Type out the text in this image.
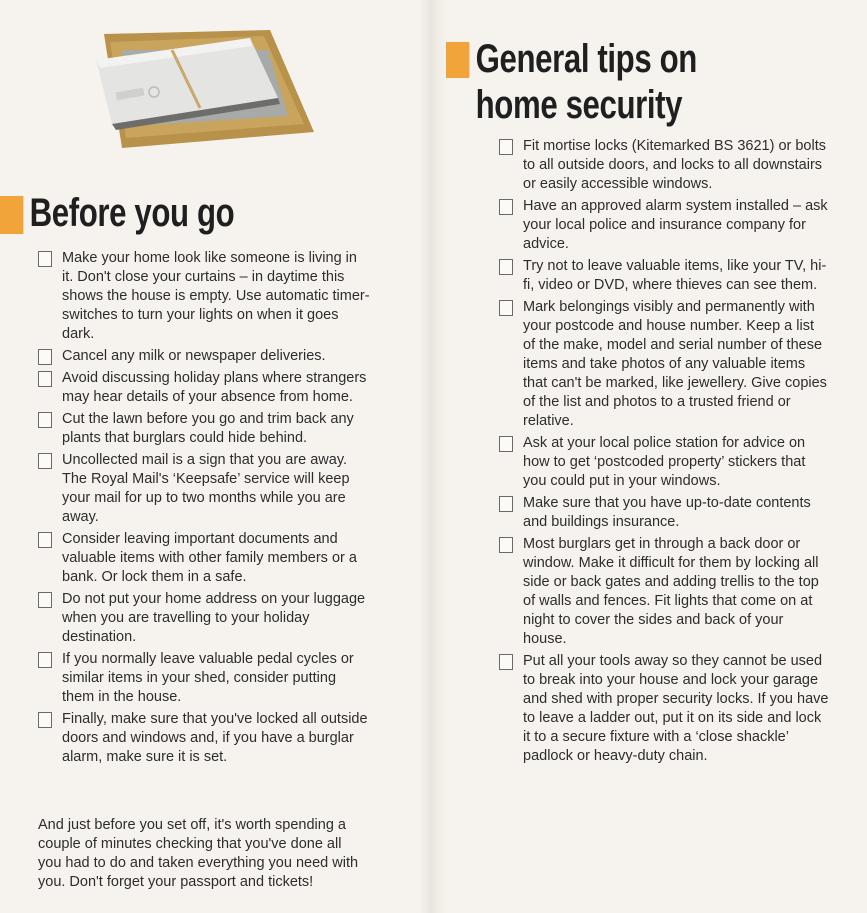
Before you go
Make your home look like someone is living in it. Don't close your curtains – in daytime this shows the house is empty. Use automatic timer-switches to turn your lights on when it goes dark.
Cancel any milk or newspaper deliveries.
Avoid discussing holiday plans where strangers may hear details of your absence from home.
Cut the lawn before you go and trim back any plants that burglars could hide behind.
Uncollected mail is a sign that you are away. The Royal Mail's ‘Keepsafe’ service will keep your mail for up to two months while you are away.
Consider leaving important documents and valuable items with other family members or a bank. Or lock them in a safe.
Do not put your home address on your luggage when you are travelling to your holiday destination.
If you normally leave valuable pedal cycles or similar items in your shed, consider putting them in the house.
Finally, make sure that you've locked all outside doors and windows and, if you have a burglar alarm, make sure it is set.

And just before you set off, it's worth spending a couple of minutes checking that you've done all you had to do and taken everything you need with you. Don't forget your passport and tickets!

General tips on
home security
Fit mortise locks (Kitemarked BS 3621) or bolts to all outside doors, and locks to all downstairs or easily accessible windows.
Have an approved alarm system installed – ask your local police and insurance company for advice.
Try not to leave valuable items, like your TV, hi-fi, video or DVD, where thieves can see them.
Mark belongings visibly and permanently with your postcode and house number. Keep a list of the make, model and serial number of these items and take photos of any valuable items that can't be marked, like jewellery. Give copies of the list and photos to a trusted friend or relative.
Ask at your local police station for advice on how to get ‘postcoded property’ stickers that you could put in your windows.
Make sure that you have up-to-date contents and buildings insurance.
Most burglars get in through a back door or window. Make it difficult for them by locking all side or back gates and adding trellis to the top of walls and fences. Fit lights that come on at night to cover the sides and back of your house.
Put all your tools away so they cannot be used to break into your house and lock your garage and shed with proper security locks. If you have to leave a ladder out, put it on its side and lock it to a secure fixture with a ‘close shackle’ padlock or heavy-duty chain.
